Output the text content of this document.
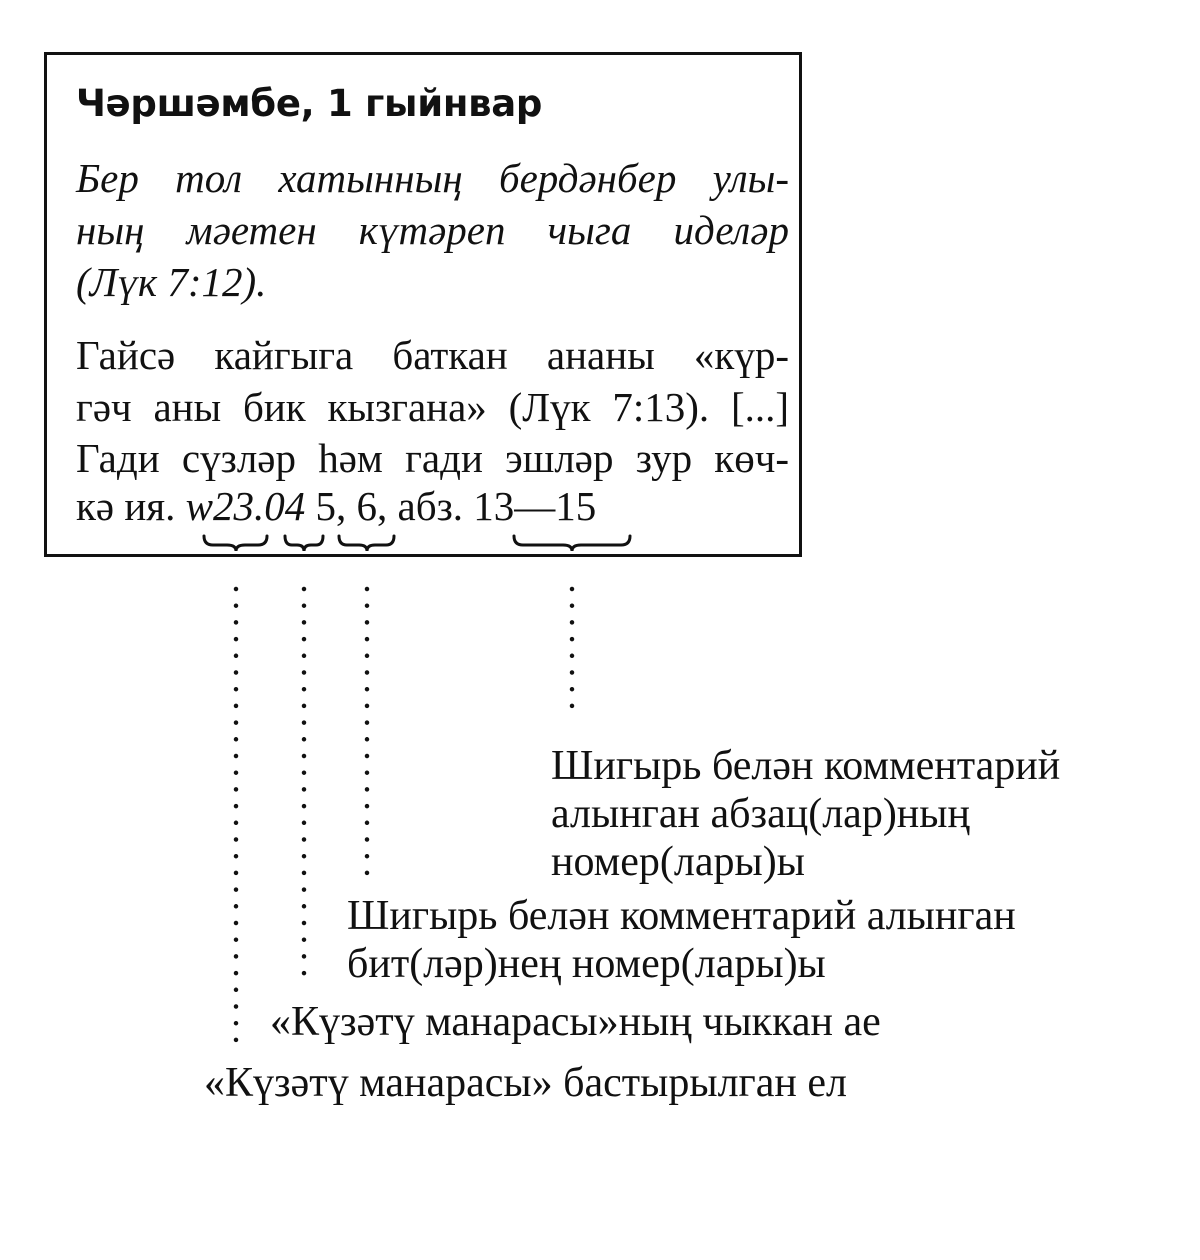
Чәршәмбе, 1 гыйнвар
Бер тол хатынның бердәнбер улы-
ның мәетен күтәреп чыга иделәр
(Лүк 7:12).
Гайсә кайгыга баткан ананы «күр-
гәч аны бик кызгана» (Лүк 7:13). [...]
Гади сүзләр һәм гади эшләр зур көч-
кә ия. w23.04 5, 6, абз. 13—15
Шигырь белән комментарий
алынган абзац(лар)ның
номер(лары)ы
Шигырь белән комментарий алынган
бит(ләр)нең номер(лары)ы
«Күзәтү манарасы»ның чыккан ае
«Күзәтү манарасы» бастырылган ел
